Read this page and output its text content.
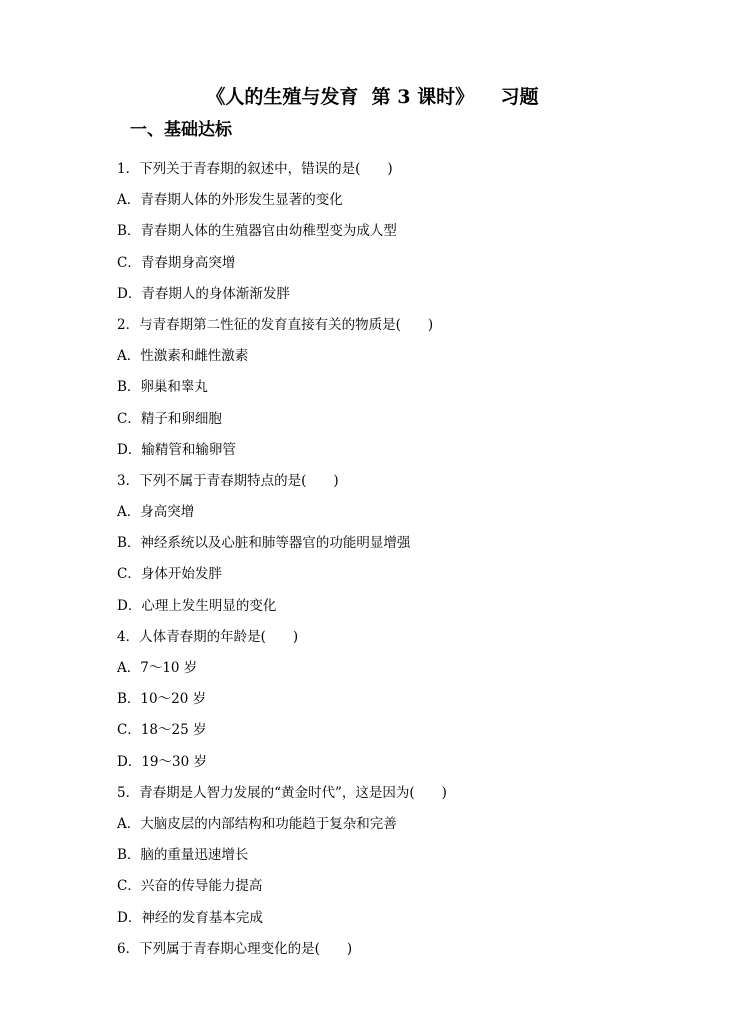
《人的生殖与发育  第 3 课时》    习题
一、基础达标
1．下列关于青春期的叙述中，错误的是(　　)
A．青春期人体的外形发生显著的变化
B．青春期人体的生殖器官由幼稚型变为成人型
C．青春期身高突增
D．青春期人的身体渐渐发胖
2．与青春期第二性征的发育直接有关的物质是(　　)
A．性激素和雌性激素
B．卵巢和睾丸
C．精子和卵细胞
D．输精管和输卵管
3．下列不属于青春期特点的是(　　)
A．身高突增
B．神经系统以及心脏和肺等器官的功能明显增强
C．身体开始发胖
D．心理上发生明显的变化
4．人体青春期的年龄是(　　)
A．7～10 岁
B．10～20 岁
C．18～25 岁
D．19～30 岁
5．青春期是人智力发展的“黄金时代”，这是因为(　　)
A．大脑皮层的内部结构和功能趋于复杂和完善
B．脑的重量迅速增长
C．兴奋的传导能力提高
D．神经的发育基本完成
6．下列属于青春期心理变化的是(　　)
